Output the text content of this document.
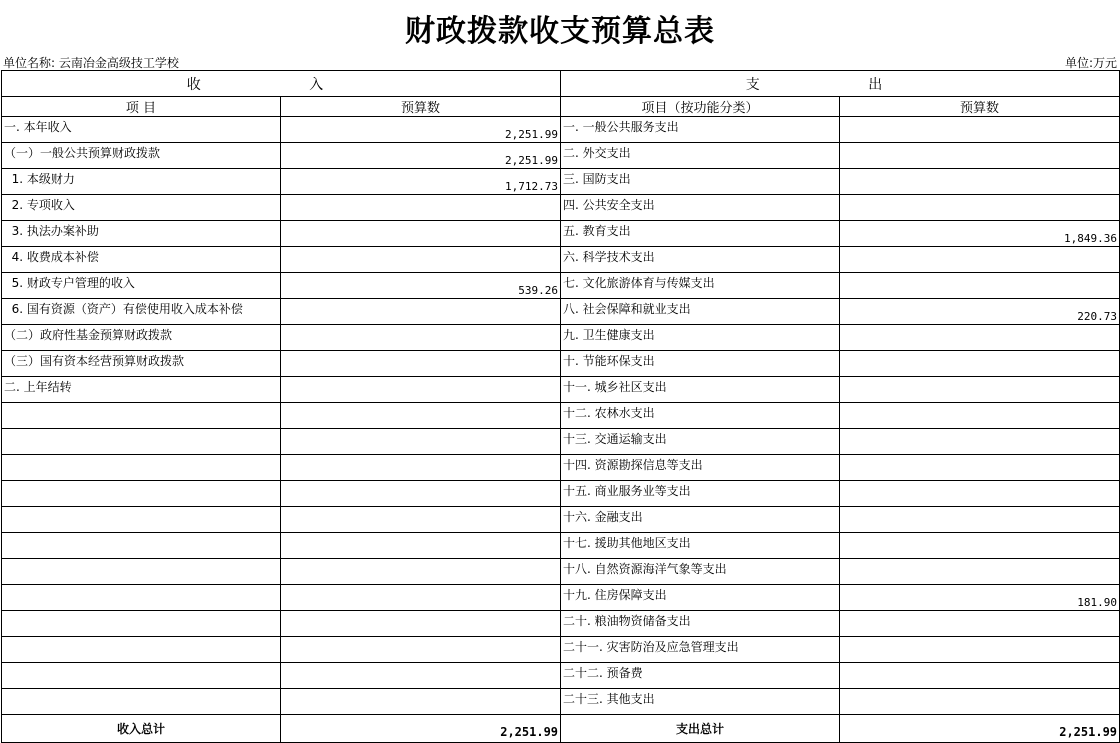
财政拨款收支预算总表
单位名称: 云南冶金高级技工学校	单位:万元
收 入		支 出	

项 目	预算数	项目（按功能分类）	预算数

一. 本年收入	2,251.99	一. 一般公共服务支出	

（一）一般公共预算财政拨款	2,251.99	二. 外交支出	

1. 本级财力	1,712.73	三. 国防支出	

2. 专项收入		四. 公共安全支出	

3. 执法办案补助		五. 教育支出	1,849.36

4. 收费成本补偿		六. 科学技术支出	

5. 财政专户管理的收入	539.26	七. 文化旅游体育与传媒支出	

6. 国有资源（资产）有偿使用收入成本补偿		八. 社会保障和就业支出	220.73

（二）政府性基金预算财政拨款		九. 卫生健康支出	

（三）国有资本经营预算财政拨款		十. 节能环保支出	

二. 上年结转		十一. 城乡社区支出	

		十二. 农林水支出	

		十三. 交通运输支出	

		十四. 资源勘探信息等支出	

		十五. 商业服务业等支出	

		十六. 金融支出	

		十七. 援助其他地区支出	

		十八. 自然资源海洋气象等支出	

		十九. 住房保障支出	181.90

		二十. 粮油物资储备支出	

		二十一. 灾害防治及应急管理支出	

		二十二. 预备费	

		二十三. 其他支出	

收入总计	2,251.99	支出总计	2,251.99
